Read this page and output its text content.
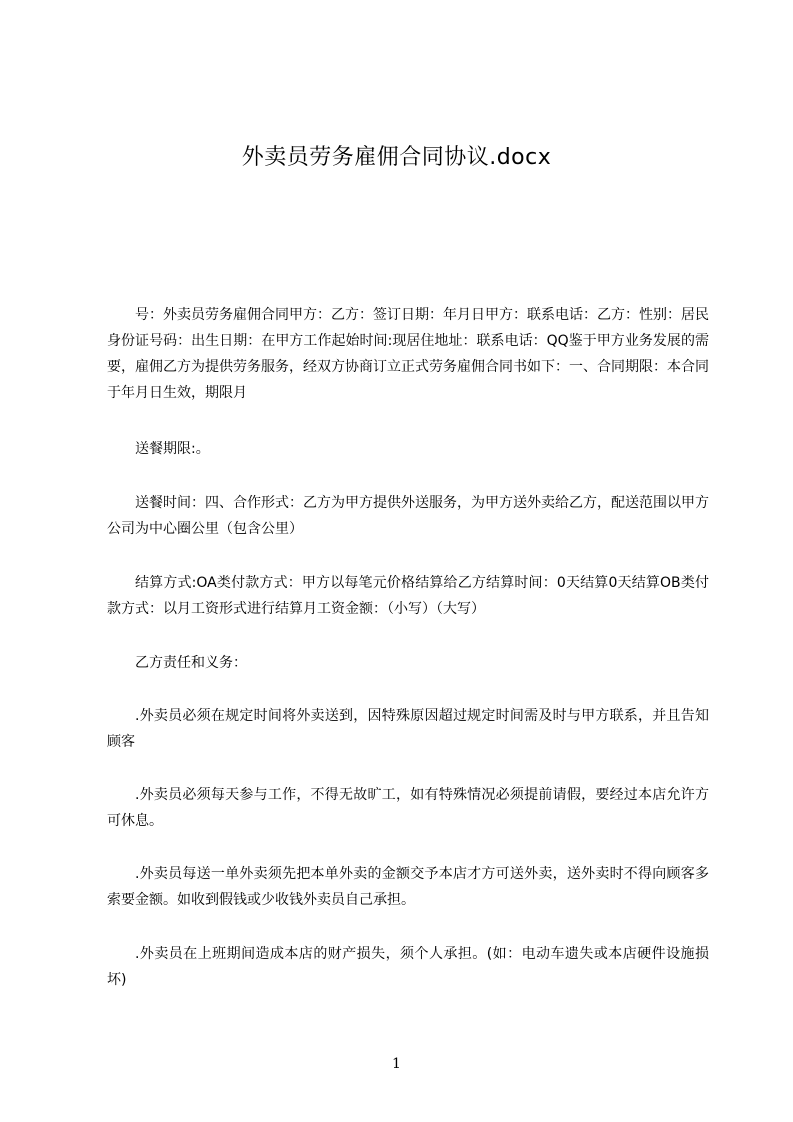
外卖员劳务雇佣合同协议.docx

号：外卖员劳务雇佣合同甲方：乙方：签订日期：年月日甲方：联系电话：乙方：性别：居民身份证号码：出生日期：在甲方工作起始时间:现居住地址：联系电话：QQ鉴于甲方业务发展的需要，雇佣乙方为提供劳务服务，经双方协商订立正式劳务雇佣合同书如下：一、合同期限：本合同于年月日生效，期限月

送餐期限:。

送餐时间：四、合作形式：乙方为甲方提供外送服务，为甲方送外卖给乙方，配送范围以甲方公司为中心圈公里（包含公里）

结算方式:OA类付款方式：甲方以每笔元价格结算给乙方结算时间：0天结算0天结算OB类付款方式：以月工资形式进行结算月工资金额：（小写）（大写）

乙方责任和义务：

.外卖员必须在规定时间将外卖送到，因特殊原因超过规定时间需及时与甲方联系，并且告知顾客

.外卖员必须每天参与工作，不得无故旷工，如有特殊情况必须提前请假，要经过本店允许方可休息。

.外卖员每送一单外卖须先把本单外卖的金额交予本店才方可送外卖，送外卖时不得向顾客多索要金额。如收到假钱或少收钱外卖员自己承担。

.外卖员在上班期间造成本店的财产损失，须个人承担。(如：电动车遗失或本店硬件设施损坏)

1
